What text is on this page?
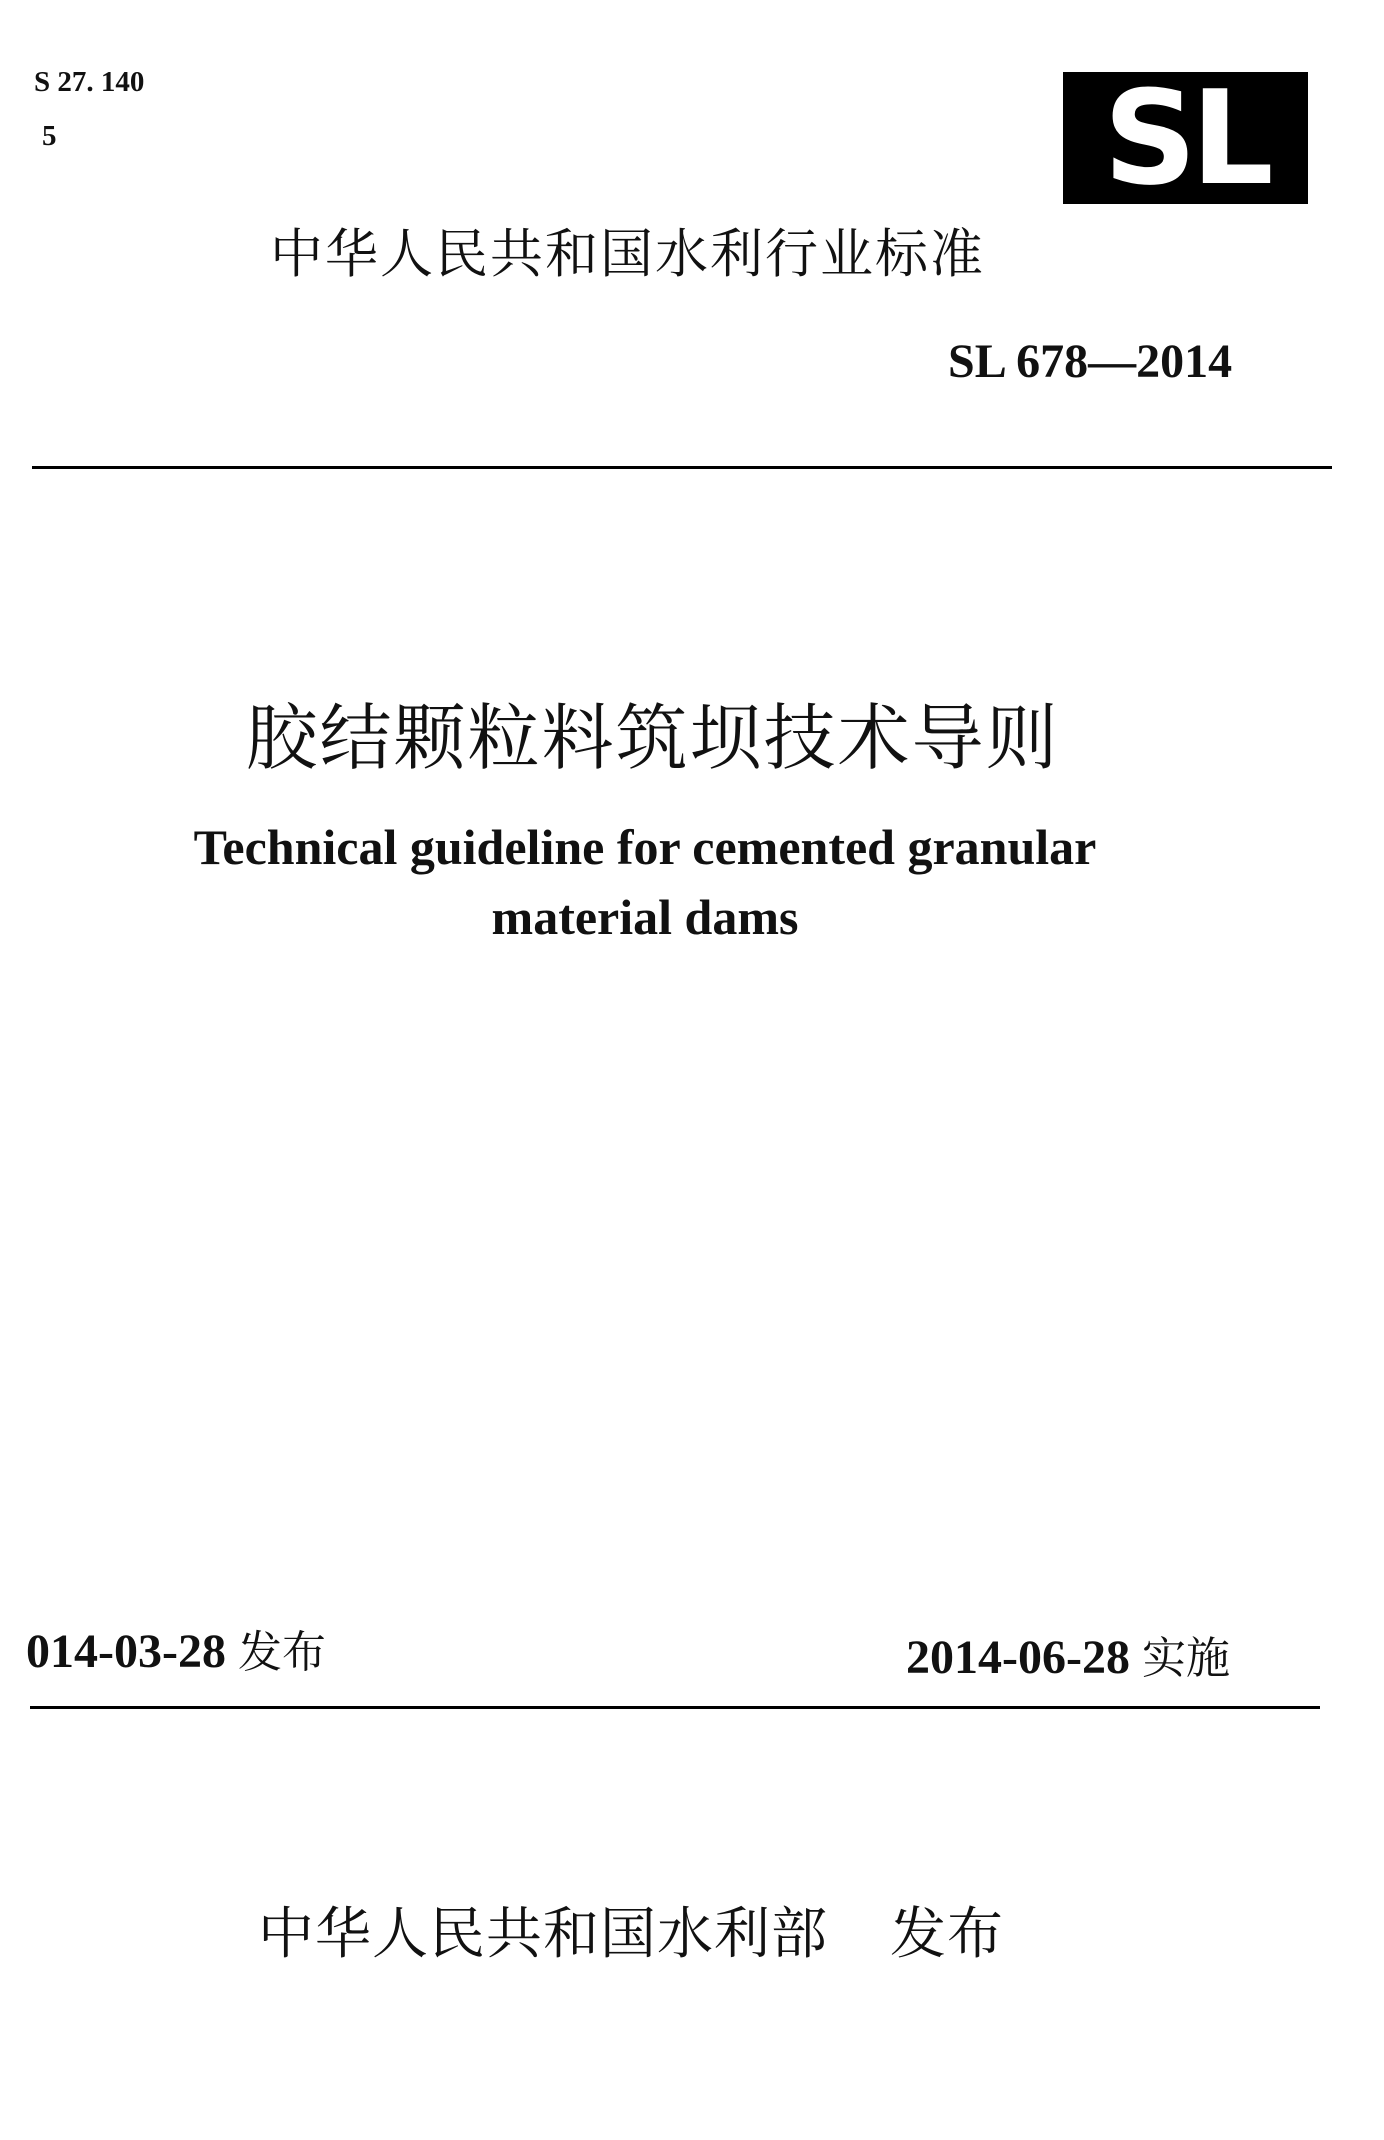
S 27. 140
5	SL
中华人民共和国水利行业标准
SL 678—2014
胶结颗粒料筑坝技术导则
Technical guideline for cemented granular
material dams
014-03-28 发布	2014-06-28 实施
中华人民共和国水利部 发布
